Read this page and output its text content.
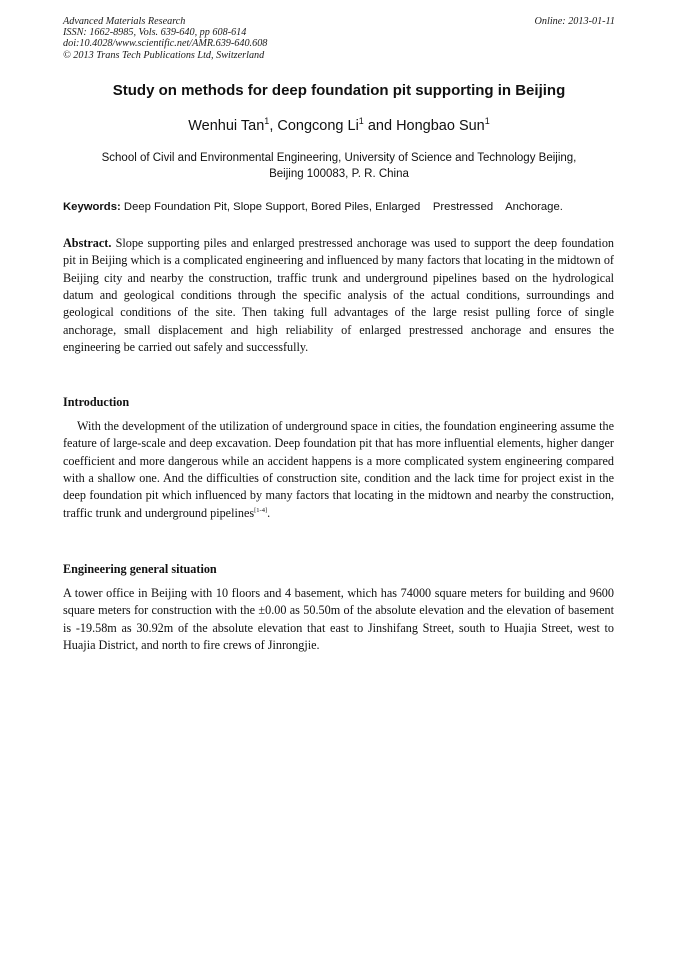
Advanced Materials Research
ISSN: 1662-8985, Vols. 639-640, pp 608-614
doi:10.4028/www.scientific.net/AMR.639-640.608
© 2013 Trans Tech Publications Ltd, Switzerland
Online: 2013-01-11
Study on methods for deep foundation pit supporting in Beijing
Wenhui Tan$^1$, Congcong Li$^1$ and Hongbao Sun$^1$
School of Civil and Environmental Engineering, University of Science and Technology Beijing,
Beijing 100083, P. R. China
Keywords: Deep Foundation Pit, Slope Support, Bored Piles, Enlarged    Prestressed    Anchorage.
Abstract. Slope supporting piles and enlarged prestressed anchorage was used to support the deep foundation pit in Beijing which is a complicated engineering and influenced by many factors that locating in the midtown of Beijing city and nearby the construction, traffic trunk and underground pipelines based on the hydrological datum and geological conditions through the specific analysis of the actual conditions, surroundings and geological conditions of the site. Then taking full advantages of the large resist pulling force of single anchorage, small displacement and high reliability of enlarged prestressed anchorage and ensures the engineering be carried out safely and successfully.
Introduction
With the development of the utilization of underground space in cities, the foundation engineering assume the feature of large-scale and deep excavation. Deep foundation pit that has more influential elements, higher danger coefficient and more dangerous while an accident happens is a more complicated system engineering compared with a shallow one. And the difficulties of construction site, condition and the lack time for project exist in the deep foundation pit which influenced by many factors that locating in the midtown and nearby the construction, traffic trunk and underground pipelines[1-4].
Engineering general situation
A tower office in Beijing with 10 floors and 4 basement, which has 74000 square meters for building and 9600 square meters for construction with the ±0.00 as 50.50m of the absolute elevation and the elevation of basement is -19.58m as 30.92m of the absolute elevation that east to Jinshifang Street, south to Huajia Street, west to Huajia District, and north to fire crews of Jinrongjie.
